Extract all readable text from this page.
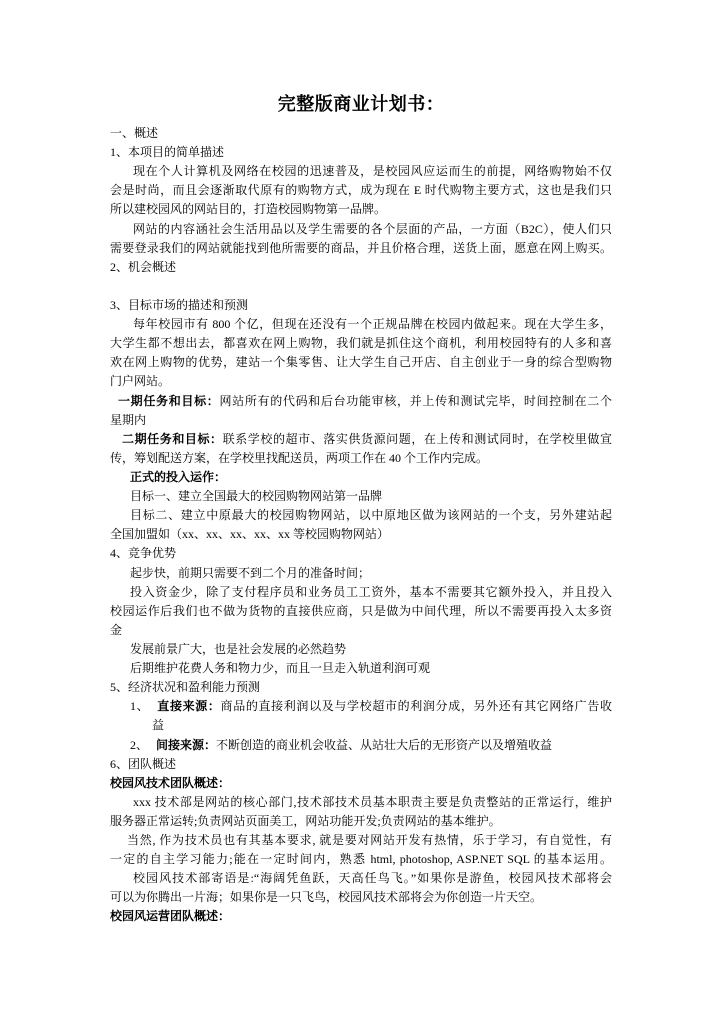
完整版商业计划书：
一、概述
1、本项目的简单描述
现在个人计算机及网络在校园的迅速普及，是校园风应运而生的前提，网络购物始不仅
会是时尚，而且会逐渐取代原有的购物方式，成为现在 E 时代购物主要方式，这也是我们只
所以建校园风的网站目的，打造校园购物第一品牌。
网站的内容涵社会生活用品以及学生需要的各个层面的产品，一方面（B2C），使人们只
需要登录我们的网站就能找到他所需要的商品，并且价格合理，送货上面，愿意在网上购买。
2、机会概述
3、目标市场的描述和预测
每年校园市有 800 个亿，但现在还没有一个正规品牌在校园内做起来。现在大学生多，
大学生都不想出去，都喜欢在网上购物，我们就是抓住这个商机，利用校园特有的人多和喜
欢在网上购物的优势，建站一个集零售、让大学生自己开店、自主创业于一身的综合型购物
门户网站。
一期任务和目标：网站所有的代码和后台功能审核，并上传和测试完毕，时间控制在二个
星期内
二期任务和目标：联系学校的超市、落实供货源问题，在上传和测试同时，在学校里做宣
传，筹划配送方案，在学校里找配送员，两项工作在 40 个工作内完成。
正式的投入运作：
目标一、建立全国最大的校园购物网站第一品牌
目标二、建立中原最大的校园购物网站，以中原地区做为该网站的一个支，另外建站起
全国加盟如（xx、xx、xx、xx、xx 等校园购物网站）
4、竞争优势
起步快，前期只需要不到二个月的准备时间；
投入资金少，除了支付程序员和业务员工工资外，基本不需要其它额外投入，并且投入
校园运作后我们也不做为货物的直接供应商，只是做为中间代理，所以不需要再投入太多资
金
发展前景广大，也是社会发展的必然趋势
后期维护花费人务和物力少，而且一旦走入轨道利润可观
5、经济状况和盈利能力预测
1、 直接来源：商品的直接利润以及与学校超市的利润分成，另外还有其它网络广告收
益
2、 间接来源：不断创造的商业机会收益、从站壮大后的无形资产以及增殖收益
6、团队概述
校园风技术团队概述：
xxx 技术部是网站的核心部门,技术部技术员基本职责主要是负责整站的正常运行，维护
服务器正常运转;负责网站页面美工，网站功能开发;负责网站的基本维护。
当然, 作为技术员也有其基本要求, 就是要对网站开发有热情，乐于学习，有自觉性，有
一定的自主学习能力;能在一定时间内，熟悉 html, photoshop, ASP.NET SQL 的基本运用。
校园风技术部寄语是:“海阔凭鱼跃，天高任鸟飞。”如果你是游鱼，校园风技术部将会
可以为你腾出一片海；如果你是一只飞鸟，校园风技术部将会为你创造一片天空。
校园风运营团队概述：
